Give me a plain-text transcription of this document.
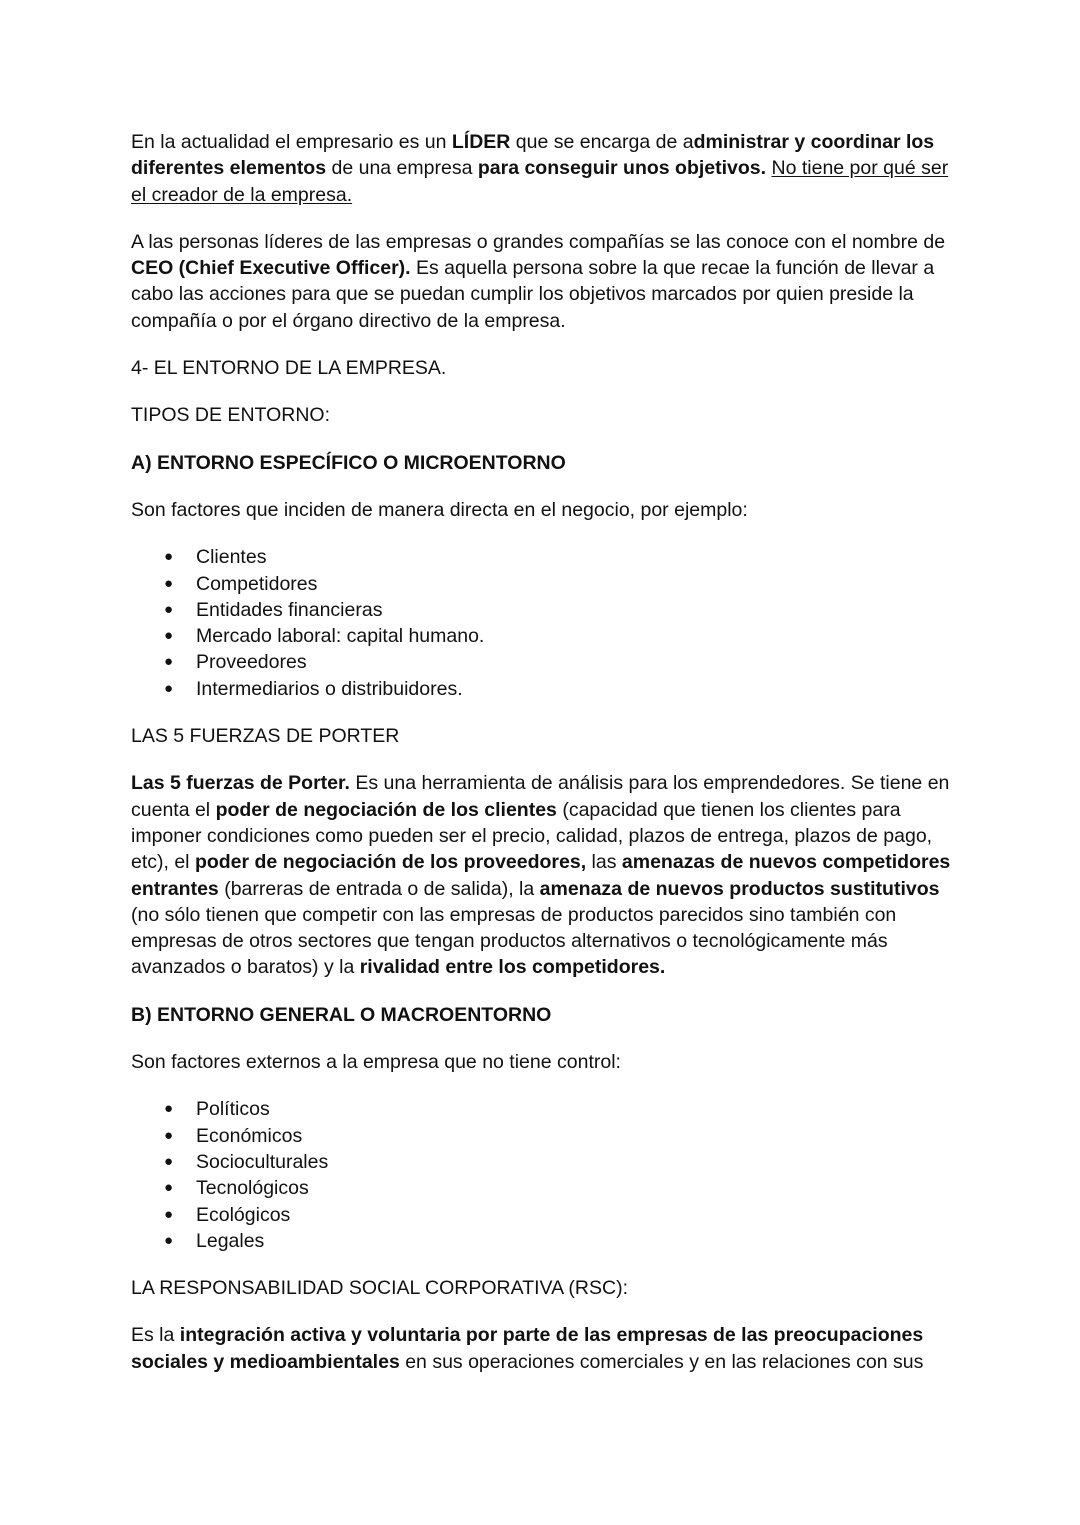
En la actualidad el empresario es un LÍDER que se encarga de administrar y coordinar los diferentes elementos de una empresa para conseguir unos objetivos. No tiene por qué ser el creador de la empresa.

A las personas líderes de las empresas o grandes compañías se las conoce con el nombre de CEO (Chief Executive Officer). Es aquella persona sobre la que recae la función de llevar a cabo las acciones para que se puedan cumplir los objetivos marcados por quien preside la compañía o por el órgano directivo de la empresa.

4- EL ENTORNO DE LA EMPRESA.

TIPOS DE ENTORNO:

A) ENTORNO ESPECÍFICO O MICROENTORNO

Son factores que inciden de manera directa en el negocio, por ejemplo:

● Clientes
● Competidores
● Entidades financieras
● Mercado laboral: capital humano.
● Proveedores
● Intermediarios o distribuidores.

LAS 5 FUERZAS DE PORTER

Las 5 fuerzas de Porter. Es una herramienta de análisis para los emprendedores. Se tiene en cuenta el poder de negociación de los clientes (capacidad que tienen los clientes para imponer condiciones como pueden ser el precio, calidad, plazos de entrega, plazos de pago, etc), el poder de negociación de los proveedores, las amenazas de nuevos competidores entrantes (barreras de entrada o de salida), la amenaza de nuevos productos sustitutivos (no sólo tienen que competir con las empresas de productos parecidos sino también con empresas de otros sectores que tengan productos alternativos o tecnológicamente más avanzados o baratos) y la rivalidad entre los competidores.

B) ENTORNO GENERAL O MACROENTORNO

Son factores externos a la empresa que no tiene control:

● Políticos
● Económicos
● Socioculturales
● Tecnológicos
● Ecológicos
● Legales

LA RESPONSABILIDAD SOCIAL CORPORATIVA (RSC):

Es la integración activa y voluntaria por parte de las empresas de las preocupaciones sociales y medioambientales en sus operaciones comerciales y en las relaciones con sus
